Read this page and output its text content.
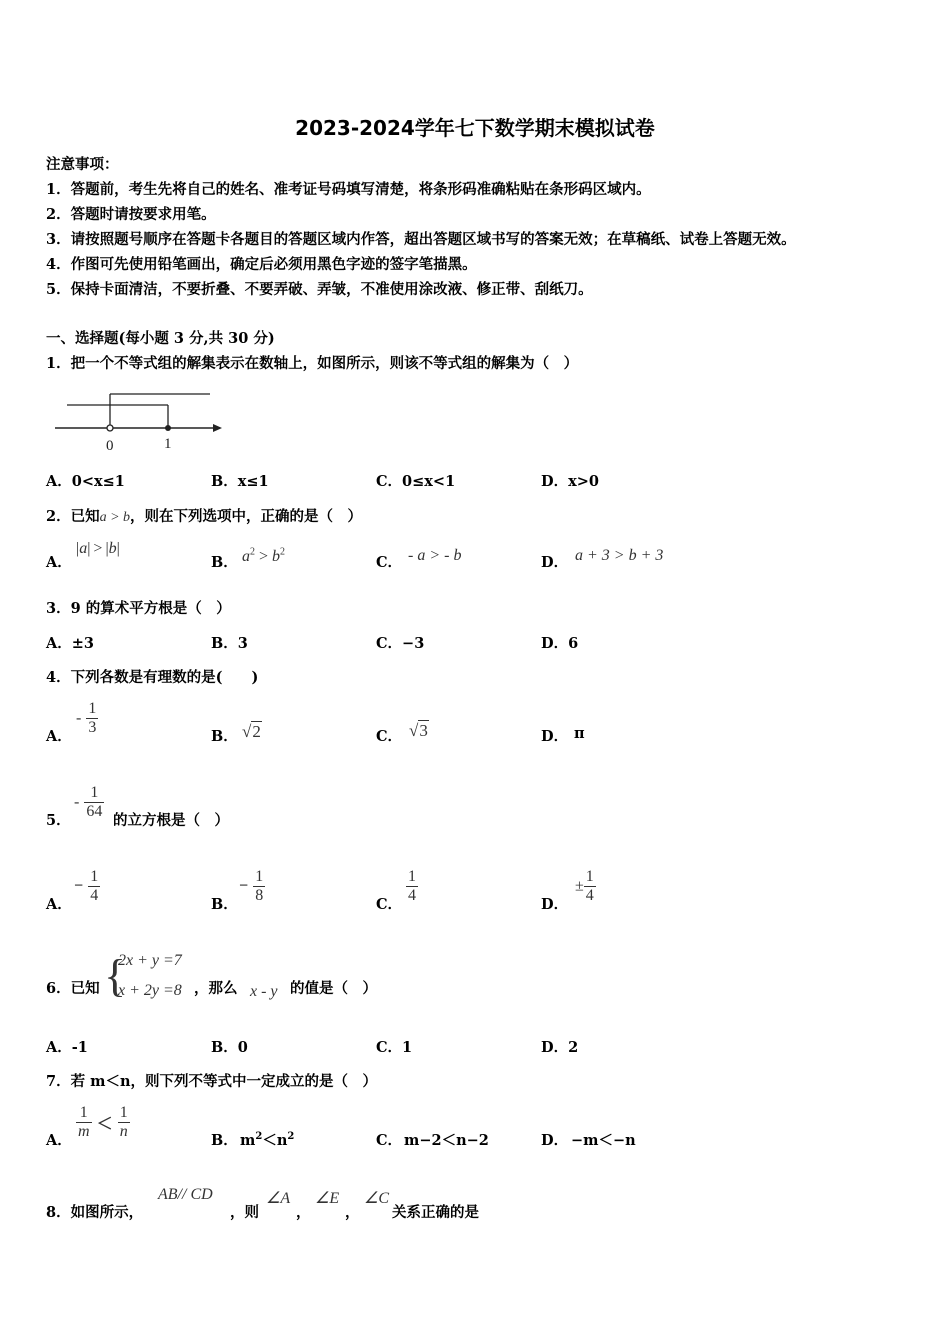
2023-2024学年七下数学期末模拟试卷
注意事项：
1．答题前，考生先将自己的姓名、准考证号码填写清楚，将条形码准确粘贴在条形码区域内。
2．答题时请按要求用笔。
3．请按照题号顺序在答题卡各题目的答题区域内作答，超出答题区域书写的答案无效；在草稿纸、试卷上答题无效。
4．作图可先使用铅笔画出，确定后必须用黑色字迹的签字笔描黑。
5．保持卡面清洁，不要折叠、不要弄破、弄皱，不准使用涂改液、修正带、刮纸刀。
一、选择题(每小题 3 分,共 30 分)
1．把一个不等式组的解集表示在数轴上，如图所示，则该不等式组的解集为（　）
0	1
A．0<x≤1	B．x≤1	C．0≤x<1	D．x>0
2．已知a > b，则在下列选项中，正确的是（　）
A．
|a| > |b|
B． $a^2 > b^2$
C． - a > - b	D． a + 3 > b + 3
3．9 的算术平方根是（　）
A．±3	B．3	C．−3	D．6
4．下列各数是有理数的是(　　)
A．
- $\frac{1}{3}$	B． √2	C． √3	D． π
5．
- $\frac{1}{64}$ 的立方根是（　）
A．
− $\frac{1}{4}$	B．
− $\frac{1}{8}$	C． $\frac{1}{4}$	D．
± $\frac{1}{4}$
6．已知 {
2x + y =7
x + 2y =8 ，那么 x - y 的值是（　）
A．-1	B．0	C．1	D．2
7．若 m＜n，则下列不等式中一定成立的是（　）
A． $\frac{1}{m} < \frac{1}{n}$	B． $m^2<n^2$	C． m−2＜n−2	D． −m＜−n
8．如图所示，
AB// CD
，则
∠A
，
∠E
，
∠C
关系正确的是
